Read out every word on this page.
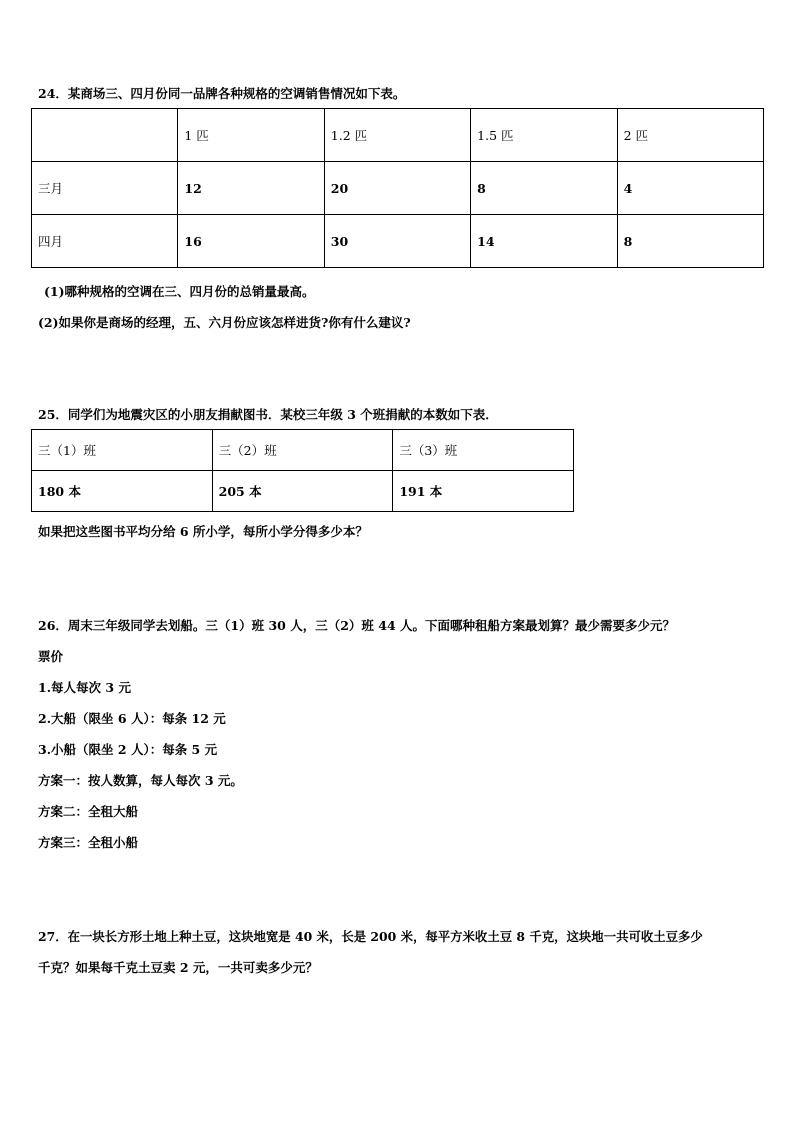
24．某商场三、四月份同一品牌各种规格的空调销售情况如下表。
	1 匹	1.2 匹	1.5 匹	2 匹
三月	12	20	8	4
四月	16	30	14	8
(1)哪种规格的空调在三、四月份的总销量最高。
(2)如果你是商场的经理，五、六月份应该怎样进货?你有什么建议?
25．同学们为地震灾区的小朋友捐献图书．某校三年级 3 个班捐献的本数如下表．
三（1）班	三（2）班	三（3）班
180 本	205 本	191 本
如果把这些图书平均分给 6 所小学，每所小学分得多少本？
26．周末三年级同学去划船。三（1）班 30 人，三（2）班 44 人。下面哪种租船方案最划算？最少需要多少元？
票价
1.每人每次 3 元
2.大船（限坐 6 人）：每条 12 元
3.小船（限坐 2 人）：每条 5 元
方案一：按人数算，每人每次 3 元。
方案二：全租大船
方案三：全租小船
27．在一块长方形土地上种土豆，这块地宽是 40 米，长是 200 米，每平方米收土豆 8 千克，这块地一共可收土豆多少
千克？如果每千克土豆卖 2 元，一共可卖多少元？
